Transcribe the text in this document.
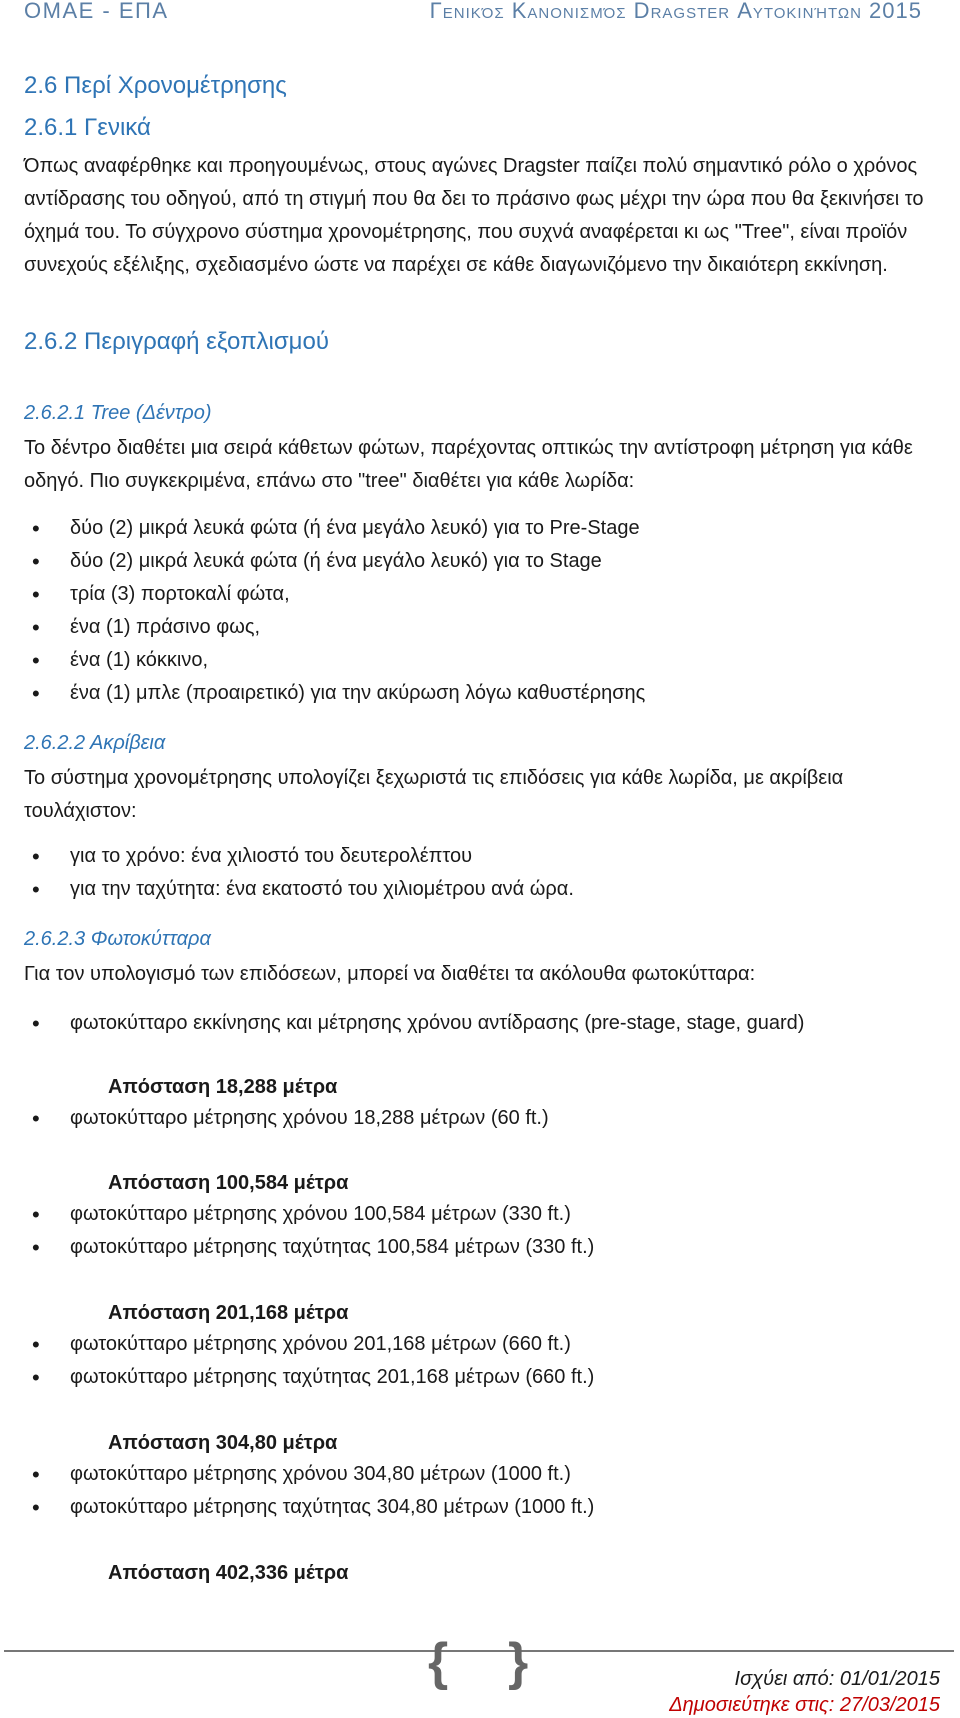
ΟΜΑΕ - ΕΠΑ	Γενικός Κανονισμός Dragster Αυτοκινήτων 2015
2.6 Περί Χρονομέτρησης
2.6.1 Γενικά
Όπως αναφέρθηκε και προηγουμένως, στους αγώνες Dragster παίζει πολύ σημαντικό ρόλο ο χρόνος αντίδρασης του οδηγού, από τη στιγμή που θα δει το πράσινο φως μέχρι την ώρα που θα ξεκινήσει το όχημά του. Το σύγχρονο σύστημα χρονομέτρησης, που συχνά αναφέρεται κι ως "Tree", είναι προϊόν συνεχούς εξέλιξης, σχεδιασμένο ώστε να παρέχει σε κάθε διαγωνιζόμενο την δικαιότερη εκκίνηση.
2.6.2 Περιγραφή εξοπλισμού
2.6.2.1 Tree (Δέντρο)
Το δέντρο διαθέτει μια σειρά κάθετων φώτων, παρέχοντας οπτικώς την αντίστροφη μέτρηση για κάθε οδηγό. Πιο συγκεκριμένα, επάνω στο "tree" διαθέτει για κάθε λωρίδα:
• δύο (2) μικρά λευκά φώτα (ή ένα μεγάλο λευκό) για το Pre-Stage
• δύο (2) μικρά λευκά φώτα (ή ένα μεγάλο λευκό) για το Stage
• τρία (3) πορτοκαλί φώτα,
• ένα (1) πράσινο φως,
• ένα (1) κόκκινο,
• ένα (1) μπλε (προαιρετικό) για την ακύρωση λόγω καθυστέρησης
2.6.2.2 Ακρίβεια
Το σύστημα χρονομέτρησης υπολογίζει ξεχωριστά τις επιδόσεις για κάθε λωρίδα, με ακρίβεια τουλάχιστον:
• για το χρόνο: ένα χιλιοστό του δευτερολέπτου
• για την ταχύτητα: ένα εκατοστό του χιλιομέτρου ανά ώρα.
2.6.2.3 Φωτοκύτταρα
Για τον υπολογισμό των επιδόσεων, μπορεί να διαθέτει τα ακόλουθα φωτοκύτταρα:
• φωτοκύτταρο εκκίνησης και μέτρησης χρόνου αντίδρασης (pre-stage, stage, guard)
Απόσταση 18,288 μέτρα
• φωτοκύτταρο μέτρησης χρόνου 18,288 μέτρων (60 ft.)
Απόσταση 100,584 μέτρα
• φωτοκύτταρο μέτρησης χρόνου 100,584 μέτρων (330 ft.)
• φωτοκύτταρο μέτρησης ταχύτητας 100,584 μέτρων (330 ft.)
Απόσταση 201,168 μέτρα
• φωτοκύτταρο μέτρησης χρόνου 201,168 μέτρων (660 ft.)
• φωτοκύτταρο μέτρησης ταχύτητας 201,168 μέτρων (660 ft.)
Απόσταση 304,80 μέτρα
• φωτοκύτταρο μέτρησης χρόνου 304,80 μέτρων (1000 ft.)
• φωτοκύτταρο μέτρησης ταχύτητας 304,80 μέτρων (1000 ft.)
Απόσταση 402,336 μέτρα
{ }	Ισχύει από: 01/01/2015
Δημοσιεύτηκε στις: 27/03/2015
